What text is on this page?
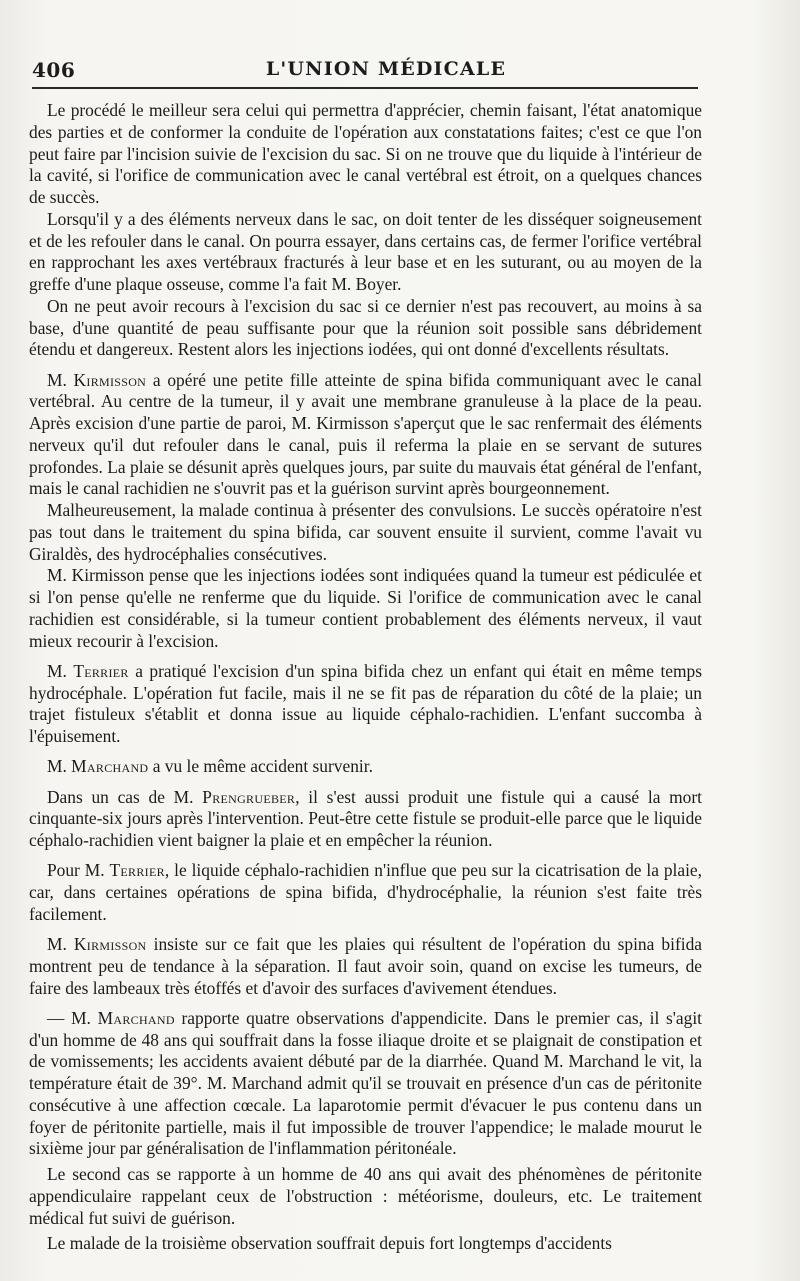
406	L'UNION MÉDICALE

Le procédé le meilleur sera celui qui permettra d'apprécier, chemin faisant, l'état anatomique des parties et de conformer la conduite de l'opération aux constatations faites; c'est ce que l'on peut faire par l'incision suivie de l'excision du sac. Si on ne trouve que du liquide à l'intérieur de la cavité, si l'orifice de communication avec le canal vertébral est étroit, on a quelques chances de succès.

Lorsqu'il y a des éléments nerveux dans le sac, on doit tenter de les disséquer soigneusement et de les refouler dans le canal. On pourra essayer, dans certains cas, de fermer l'orifice vertébral en rapprochant les axes vertébraux fracturés à leur base et en les suturant, ou au moyen de la greffe d'une plaque osseuse, comme l'a fait M. Boyer.

On ne peut avoir recours à l'excision du sac si ce dernier n'est pas recouvert, au moins à sa base, d'une quantité de peau suffisante pour que la réunion soit possible sans débridement étendu et dangereux. Restent alors les injections iodées, qui ont donné d'excellents résultats.

M. Kirmisson a opéré une petite fille atteinte de spina bifida communiquant avec le canal vertébral. Au centre de la tumeur, il y avait une membrane granuleuse à la place de la peau. Après excision d'une partie de paroi, M. Kirmisson s'aperçut que le sac renfermait des éléments nerveux qu'il dut refouler dans le canal, puis il referma la plaie en se servant de sutures profondes. La plaie se désunit après quelques jours, par suite du mauvais état général de l'enfant, mais le canal rachidien ne s'ouvrit pas et la guérison survint après bourgeonnement.

Malheureusement, la malade continua à présenter des convulsions. Le succès opératoire n'est pas tout dans le traitement du spina bifida, car souvent ensuite il survient, comme l'avait vu Giraldès, des hydrocéphalies consécutives.

M. Kirmisson pense que les injections iodées sont indiquées quand la tumeur est pédiculée et si l'on pense qu'elle ne renferme que du liquide. Si l'orifice de communication avec le canal rachidien est considérable, si la tumeur contient probablement des éléments nerveux, il vaut mieux recourir à l'excision.

M. Terrier a pratiqué l'excision d'un spina bifida chez un enfant qui était en même temps hydrocéphale. L'opération fut facile, mais il ne se fit pas de réparation du côté de la plaie; un trajet fistuleux s'établit et donna issue au liquide céphalo-rachidien. L'enfant succomba à l'épuisement.

M. Marchand a vu le même accident survenir.

Dans un cas de M. Prengrueber, il s'est aussi produit une fistule qui a causé la mort cinquante-six jours après l'intervention. Peut-être cette fistule se produit-elle parce que le liquide céphalo-rachidien vient baigner la plaie et en empêcher la réunion.

Pour M. Terrier, le liquide céphalo-rachidien n'influe que peu sur la cicatrisation de la plaie, car, dans certaines opérations de spina bifida, d'hydrocéphalie, la réunion s'est faite très facilement.

M. Kirmisson insiste sur ce fait que les plaies qui résultent de l'opération du spina bifida montrent peu de tendance à la séparation. Il faut avoir soin, quand on excise les tumeurs, de faire des lambeaux très étoffés et d'avoir des surfaces d'avivement étendues.

— M. Marchand rapporte quatre observations d'appendicite. Dans le premier cas, il s'agit d'un homme de 48 ans qui souffrait dans la fosse iliaque droite et se plaignait de constipation et de vomissements; les accidents avaient débuté par de la diarrhée. Quand M. Marchand le vit, la température était de 39°. M. Marchand admit qu'il se trouvait en présence d'un cas de péritonite consécutive à une affection cœcale. La laparotomie permit d'évacuer le pus contenu dans un foyer de péritonite partielle, mais il fut impossible de trouver l'appendice; le malade mourut le sixième jour par généralisation de l'inflammation péritonéale.

Le second cas se rapporte à un homme de 40 ans qui avait des phénomènes de péritonite appendiculaire rappelant ceux de l'obstruction : météorisme, douleurs, etc. Le traitement médical fut suivi de guérison.

Le malade de la troisième observation souffrait depuis fort longtemps d'accidents
